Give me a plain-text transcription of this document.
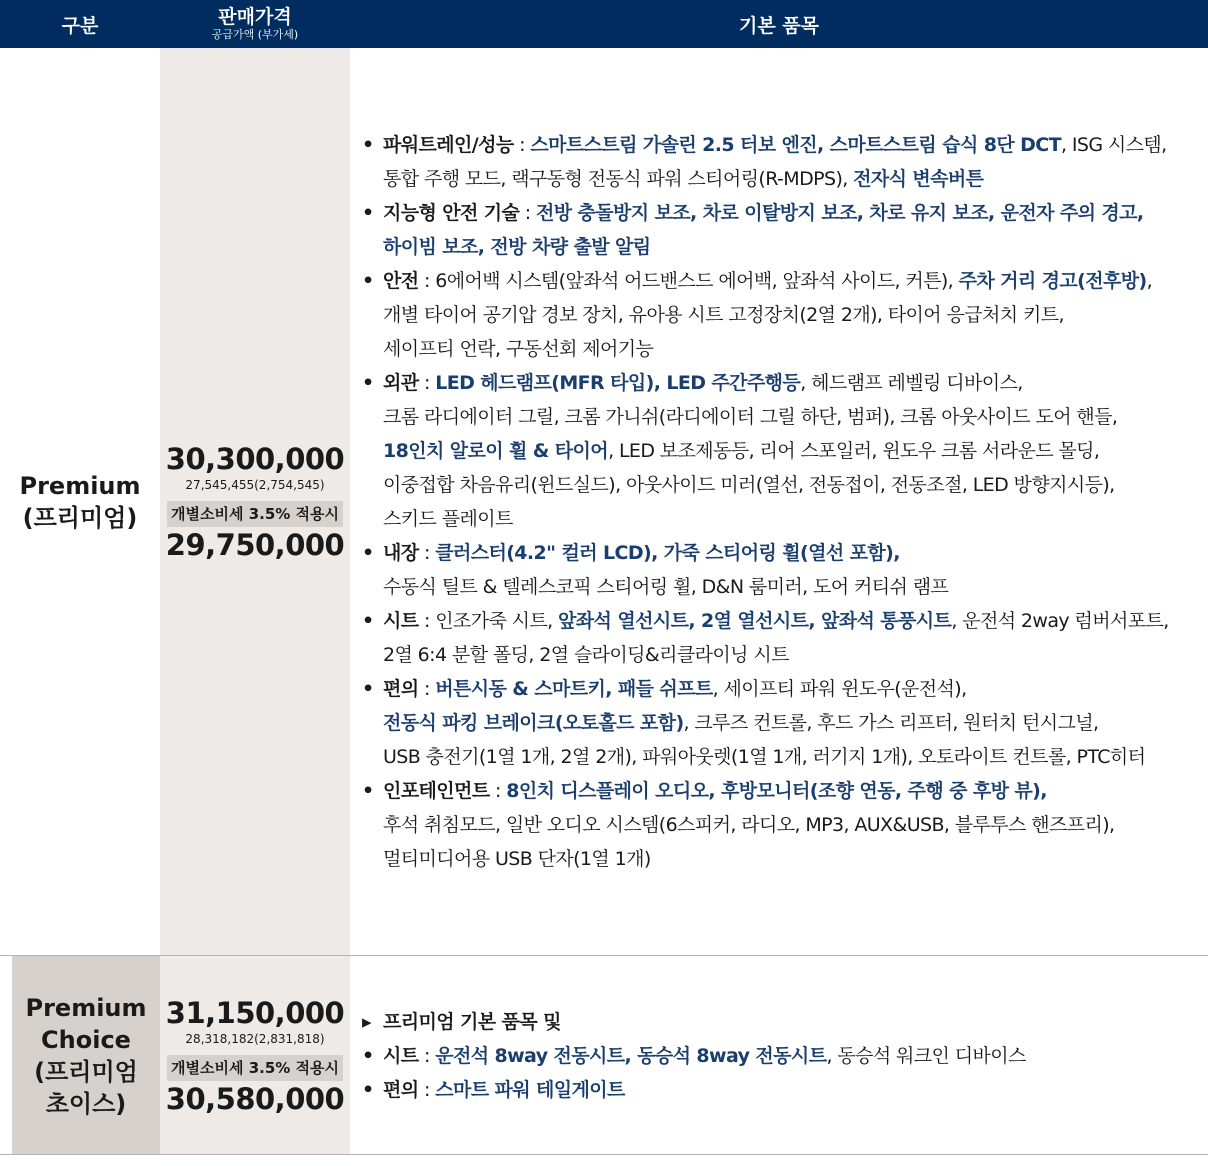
구분	판매가격
공급가액 (부가세)	기본 품목
Premium
(프리미엄)
30,300,000
27,545,455(2,754,545)
개별소비세 3.5% 적용시
29,750,000
• 파워트레인/성능 : 스마트스트림 가솔린 2.5 터보 엔진, 스마트스트림 습식 8단 DCT, ISG 시스템,
통합 주행 모드, 랙구동형 전동식 파워 스티어링(R-MDPS), 전자식 변속버튼
• 지능형 안전 기술 : 전방 충돌방지 보조, 차로 이탈방지 보조, 차로 유지 보조, 운전자 주의 경고,
하이빔 보조, 전방 차량 출발 알림
• 안전 : 6에어백 시스템(앞좌석 어드밴스드 에어백, 앞좌석 사이드, 커튼), 주차 거리 경고(전후방),
개별 타이어 공기압 경보 장치, 유아용 시트 고정장치(2열 2개), 타이어 응급처치 키트,
세이프티 언락, 구동선회 제어기능
• 외관 : LED 헤드램프(MFR 타입), LED 주간주행등, 헤드램프 레벨링 디바이스,
크롬 라디에이터 그릴, 크롬 가니쉬(라디에이터 그릴 하단, 범퍼), 크롬 아웃사이드 도어 핸들,
18인치 알로이 휠 & 타이어, LED 보조제동등, 리어 스포일러, 윈도우 크롬 서라운드 몰딩,
이중접합 차음유리(윈드실드), 아웃사이드 미러(열선, 전동접이, 전동조절, LED 방향지시등),
스키드 플레이트
• 내장 : 클러스터(4.2" 컬러 LCD), 가죽 스티어링 휠(열선 포함),
수동식 틸트 & 텔레스코픽 스티어링 휠, D&N 룸미러, 도어 커티쉬 램프
• 시트 : 인조가죽 시트, 앞좌석 열선시트, 2열 열선시트, 앞좌석 통풍시트, 운전석 2way 럼버서포트,
2열 6:4 분할 폴딩, 2열 슬라이딩&리클라이닝 시트
• 편의 : 버튼시동 & 스마트키, 패들 쉬프트, 세이프티 파워 윈도우(운전석),
전동식 파킹 브레이크(오토홀드 포함), 크루즈 컨트롤, 후드 가스 리프터, 원터치 턴시그널,
USB 충전기(1열 1개, 2열 2개), 파워아웃렛(1열 1개, 러기지 1개), 오토라이트 컨트롤, PTC히터
• 인포테인먼트 : 8인치 디스플레이 오디오, 후방모니터(조향 연동, 주행 중 후방 뷰),
후석 취침모드, 일반 오디오 시스템(6스피커, 라디오, MP3, AUX&USB, 블루투스 핸즈프리),
멀티미디어용 USB 단자(1열 1개)
Premium
Choice
(프리미엄
초이스)
31,150,000
28,318,182(2,831,818)
개별소비세 3.5% 적용시
30,580,000
▸ 프리미엄 기본 품목 및
• 시트 : 운전석 8way 전동시트, 동승석 8way 전동시트, 동승석 워크인 디바이스
• 편의 : 스마트 파워 테일게이트
